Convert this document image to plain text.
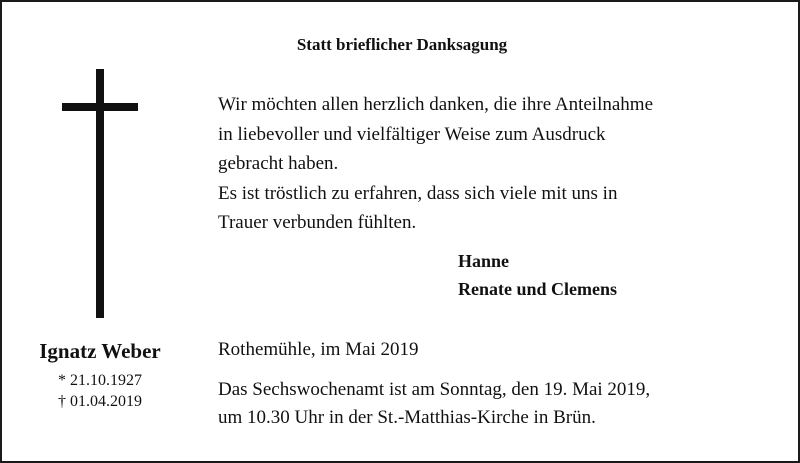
Statt brieflicher Danksagung
Wir möchten allen herzlich danken, die ihre Anteilnahme
in liebevoller und vielfältiger Weise zum Ausdruck
gebracht haben.
Es ist tröstlich zu erfahren, dass sich viele mit uns in
Trauer verbunden fühlten.
Hanne
Renate und Clemens
Ignatz Weber
* 21.10.1927
† 01.04.2019
Rothemühle, im Mai 2019
Das Sechswochenamt ist am Sonntag, den 19. Mai 2019,
um 10.30 Uhr in der St.-Matthias-Kirche in Brün.
